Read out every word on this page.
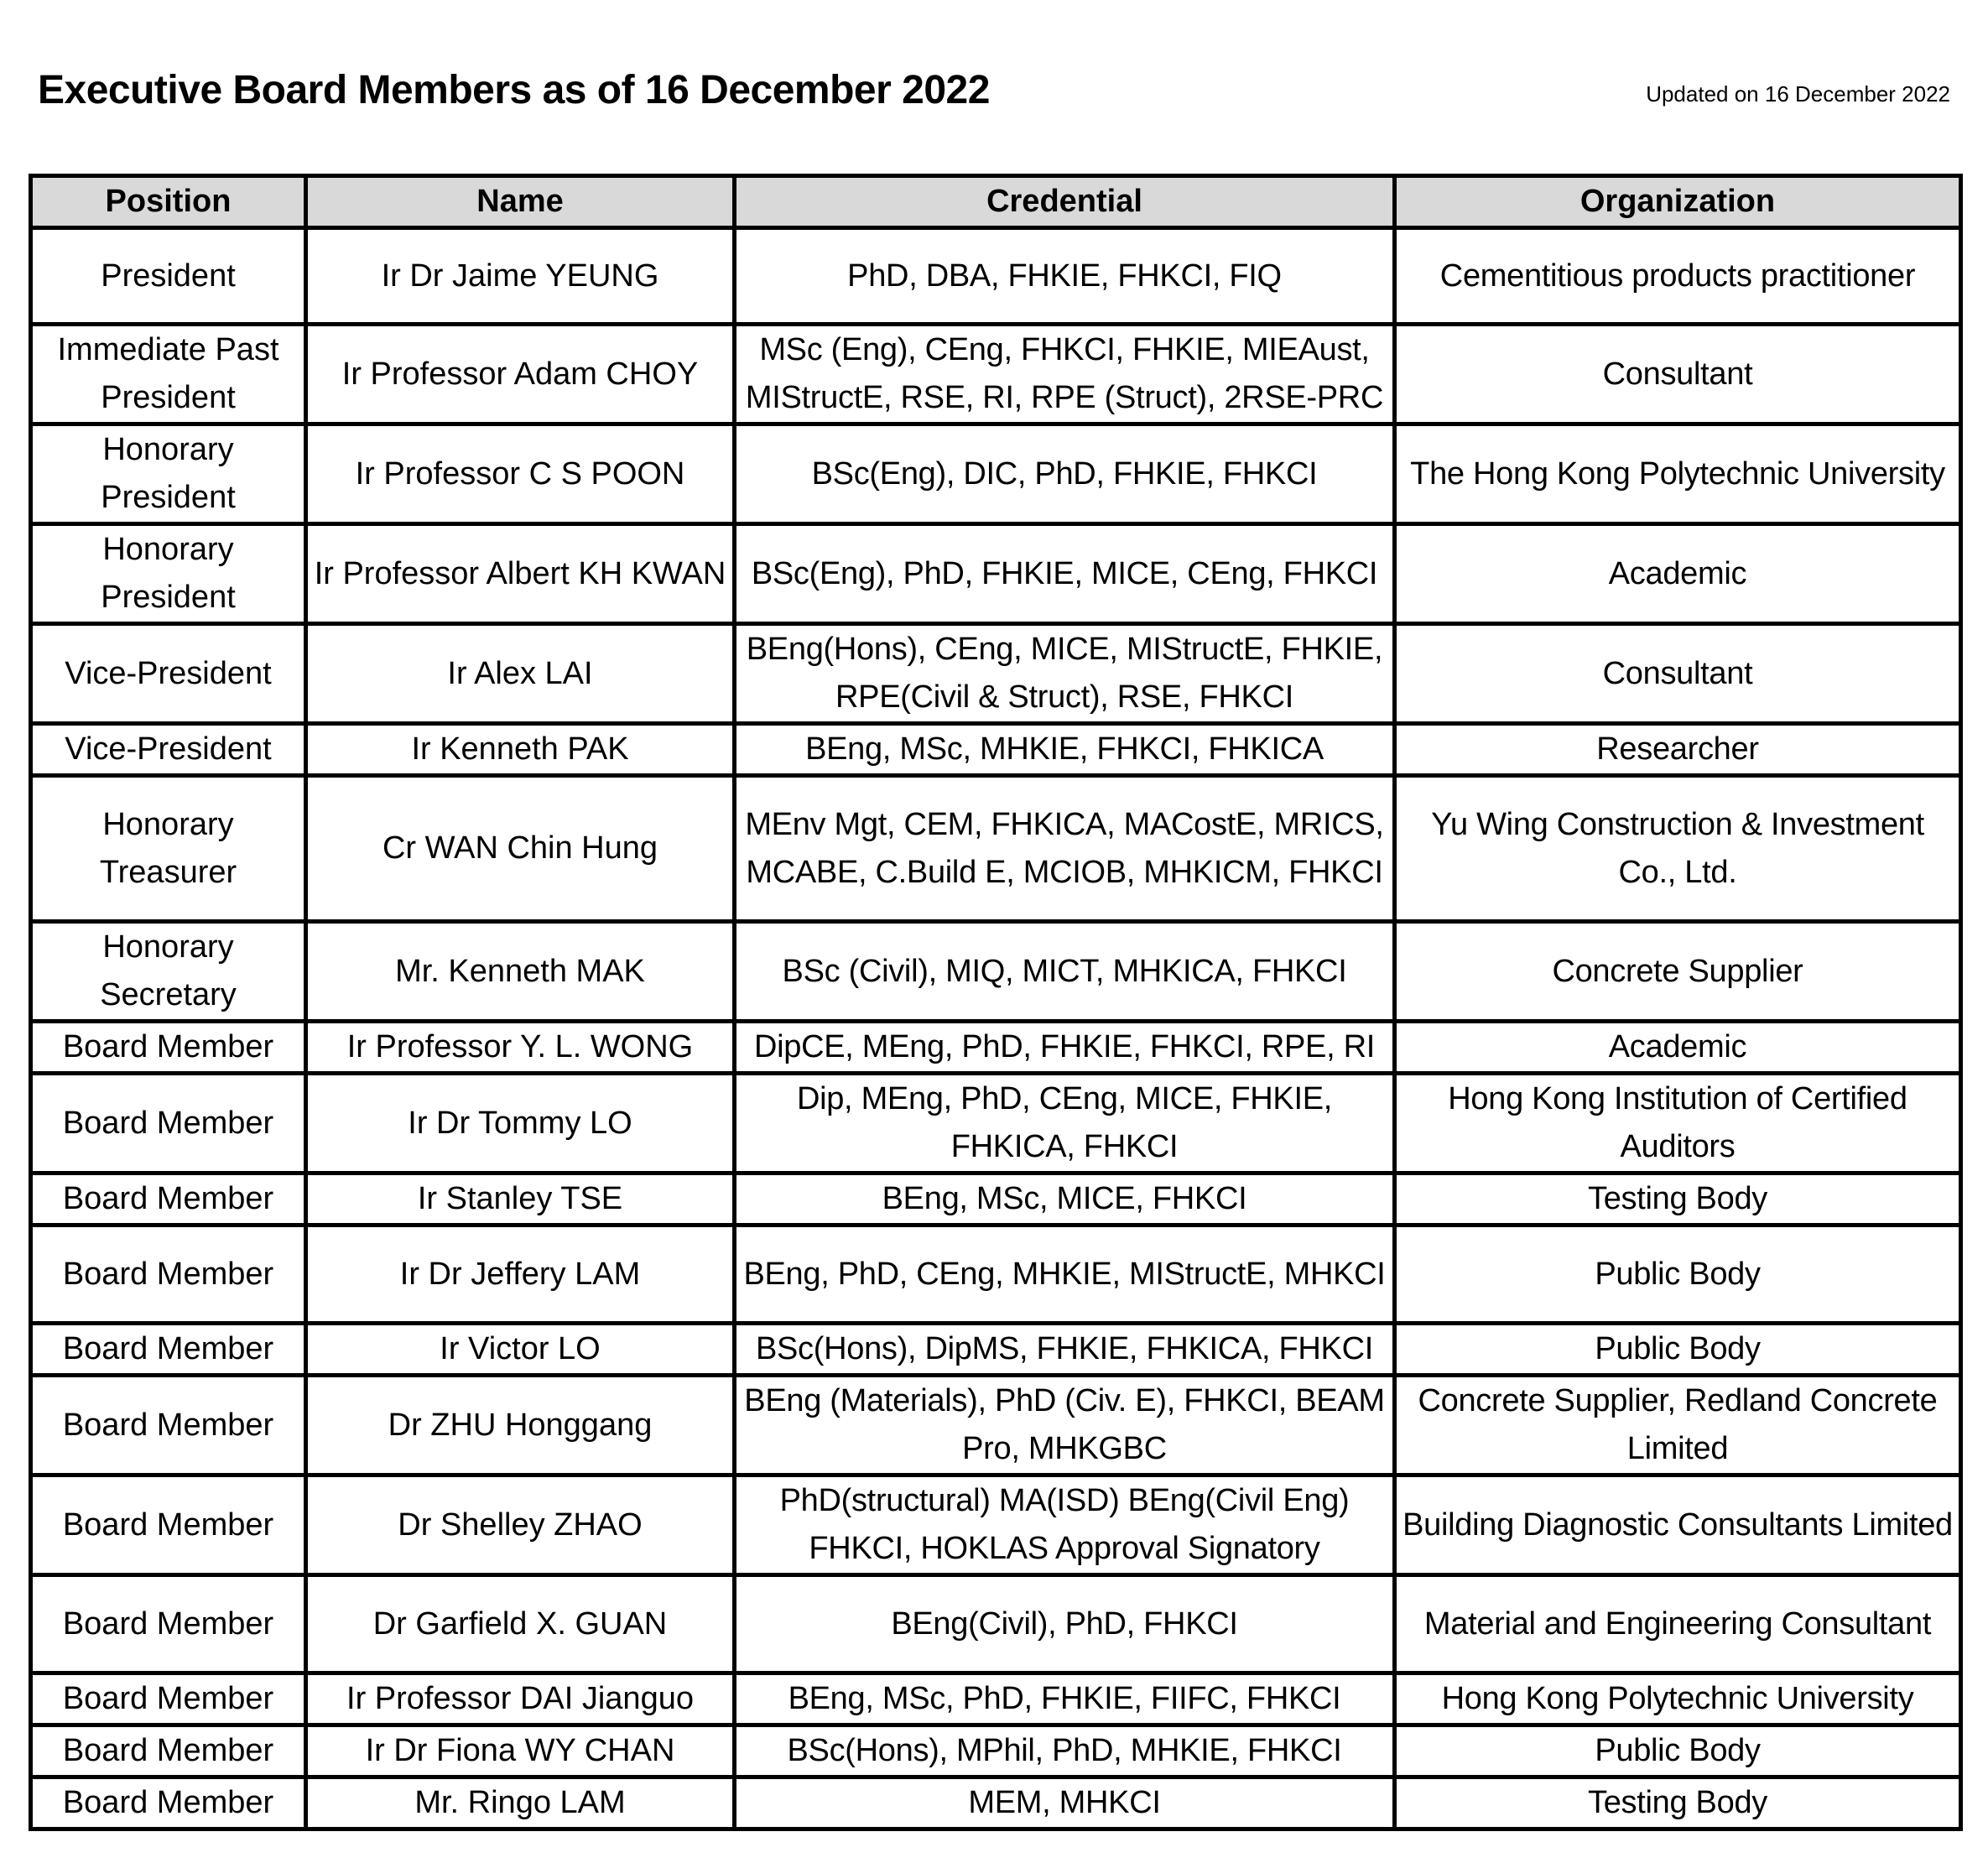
Executive Board Members as of 16 December 2022	Updated on 16 December 2022
Position	Name	Credential	Organization
President	Ir Dr Jaime YEUNG	PhD, DBA, FHKIE, FHKCI, FIQ	Cementitious products practitioner
Immediate Past President	Ir Professor Adam CHOY	MSc (Eng), CEng, FHKCI, FHKIE, MIEAust, MIStructE, RSE, RI, RPE (Struct), 2RSE-PRC	Consultant
Honorary President	Ir Professor C S POON	BSc(Eng), DIC, PhD, FHKIE, FHKCI	The Hong Kong Polytechnic University
Honorary President	Ir Professor Albert KH KWAN	BSc(Eng), PhD, FHKIE, MICE, CEng, FHKCI	Academic
Vice-President	Ir Alex LAI	BEng(Hons), CEng, MICE, MIStructE, FHKIE, RPE(Civil & Struct), RSE, FHKCI	Consultant
Vice-President	Ir Kenneth PAK	BEng, MSc, MHKIE, FHKCI, FHKICA	Researcher
Honorary Treasurer	Cr WAN Chin Hung	MEnv Mgt, CEM, FHKICA, MACostE, MRICS, MCABE, C.Build E, MCIOB, MHKICM, FHKCI	Yu Wing Construction & Investment Co., Ltd.
Honorary Secretary	Mr. Kenneth MAK	BSc (Civil), MIQ, MICT, MHKICA, FHKCI	Concrete Supplier
Board Member	Ir Professor Y. L. WONG	DipCE, MEng, PhD, FHKIE, FHKCI, RPE, RI	Academic
Board Member	Ir Dr Tommy LO	Dip, MEng, PhD, CEng, MICE, FHKIE, FHKICA, FHKCI	Hong Kong Institution of Certified Auditors
Board Member	Ir Stanley TSE	BEng, MSc, MICE, FHKCI	Testing Body
Board Member	Ir Dr Jeffery LAM	BEng, PhD, CEng, MHKIE, MIStructE, MHKCI	Public Body
Board Member	Ir Victor LO	BSc(Hons), DipMS, FHKIE, FHKICA, FHKCI	Public Body
Board Member	Dr ZHU Honggang	BEng (Materials), PhD (Civ. E), FHKCI, BEAM Pro, MHKGBC	Concrete Supplier, Redland Concrete Limited
Board Member	Dr Shelley ZHAO	PhD(structural) MA(ISD) BEng(Civil Eng) FHKCI, HOKLAS Approval Signatory	Building Diagnostic Consultants Limited
Board Member	Dr Garfield X. GUAN	BEng(Civil), PhD, FHKCI	Material and Engineering Consultant
Board Member	Ir Professor DAI Jianguo	BEng, MSc, PhD, FHKIE, FIIFC, FHKCI	Hong Kong Polytechnic University
Board Member	Ir Dr Fiona WY CHAN	BSc(Hons), MPhil, PhD, MHKIE, FHKCI	Public Body
Board Member	Mr. Ringo LAM	MEM, MHKCI	Testing Body
